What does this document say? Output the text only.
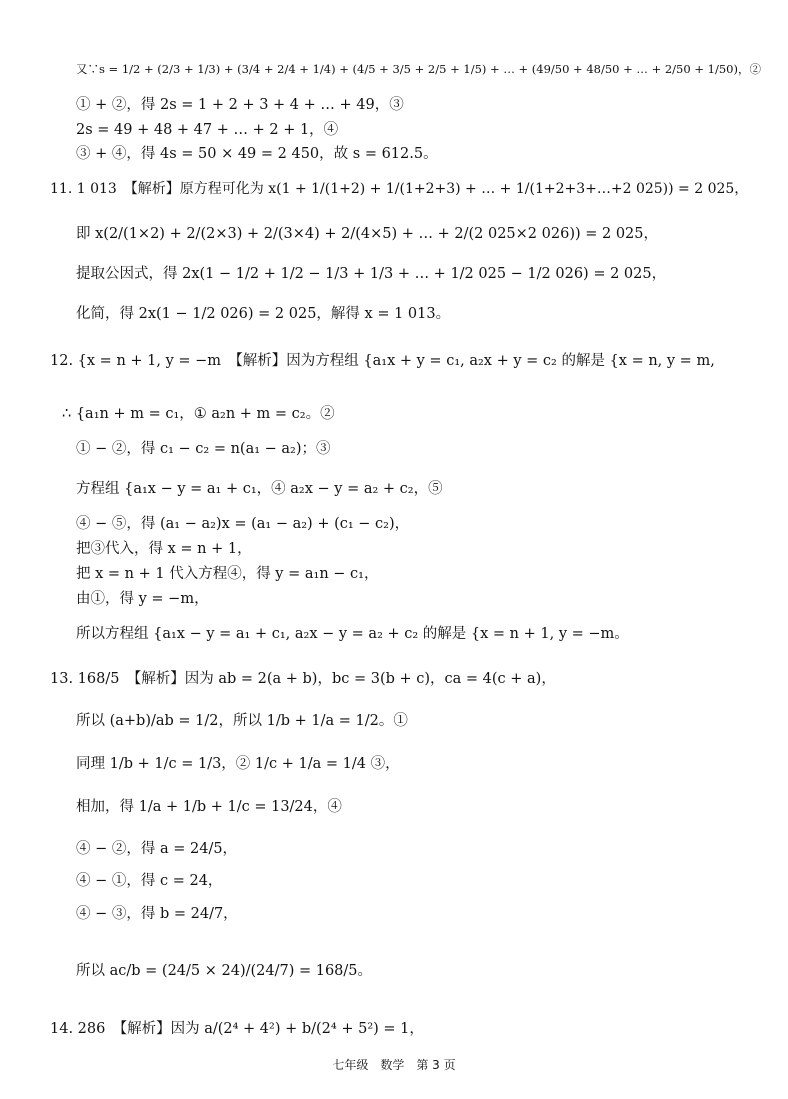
又∵s = 1/2 + (2/3 + 1/3) + (3/4 + 2/4 + 1/4) + (4/5 + 3/5 + 2/5 + 1/5) + … + (49/50 + 48/50 + … + 2/50 + 1/50)，②
① + ②，得 2s = 1 + 2 + 3 + 4 + … + 49，③
2s = 49 + 48 + 47 + … + 2 + 1，④
③ + ④，得 4s = 50 × 49 = 2 450，故 s = 612.5。
11. 1 013　【解析】原方程可化为 x(1 + 1/(1+2) + 1/(1+2+3) + … + 1/(1+2+3+…+2 025)) = 2 025，
即 x(2/(1×2) + 2/(2×3) + 2/(3×4) + 2/(4×5) + … + 2/(2 025×2 026)) = 2 025，
提取公因式，得 2x(1 − 1/2 + 1/2 − 1/3 + 1/3 + … + 1/2 025 − 1/2 026) = 2 025，
化简，得 2x(1 − 1/2 026) = 2 025，解得 x = 1 013。
12. {x = n + 1, y = −m　【解析】因为方程组 {a₁x + y = c₁, a₂x + y = c₂ 的解是 {x = n, y = m,
∴ {a₁n + m = c₁，① a₂n + m = c₂。②
① − ②，得 c₁ − c₂ = n(a₁ − a₂)；③
方程组 {a₁x − y = a₁ + c₁，④ a₂x − y = a₂ + c₂，⑤
④ − ⑤，得 (a₁ − a₂)x = (a₁ − a₂) + (c₁ − c₂)，
把③代入，得 x = n + 1，
把 x = n + 1 代入方程④，得 y = a₁n − c₁，
由①，得 y = −m，
所以方程组 {a₁x − y = a₁ + c₁, a₂x − y = a₂ + c₂ 的解是 {x = n + 1, y = −m。
13. 168/5　【解析】因为 ab = 2(a + b)，bc = 3(b + c)，ca = 4(c + a)，
所以 (a+b)/ab = 1/2，所以 1/b + 1/a = 1/2。①
同理 1/b + 1/c = 1/3，② 1/c + 1/a = 1/4 ③，
相加，得 1/a + 1/b + 1/c = 13/24，④
④ − ②，得 a = 24/5，
④ − ①，得 c = 24，
④ − ③，得 b = 24/7，
所以 ac/b = (24/5 × 24)/(24/7) = 168/5。
14. 286　【解析】因为 a/(2⁴ + 4²) + b/(2⁴ + 5²) = 1，
七年级　数学　第 3 页
